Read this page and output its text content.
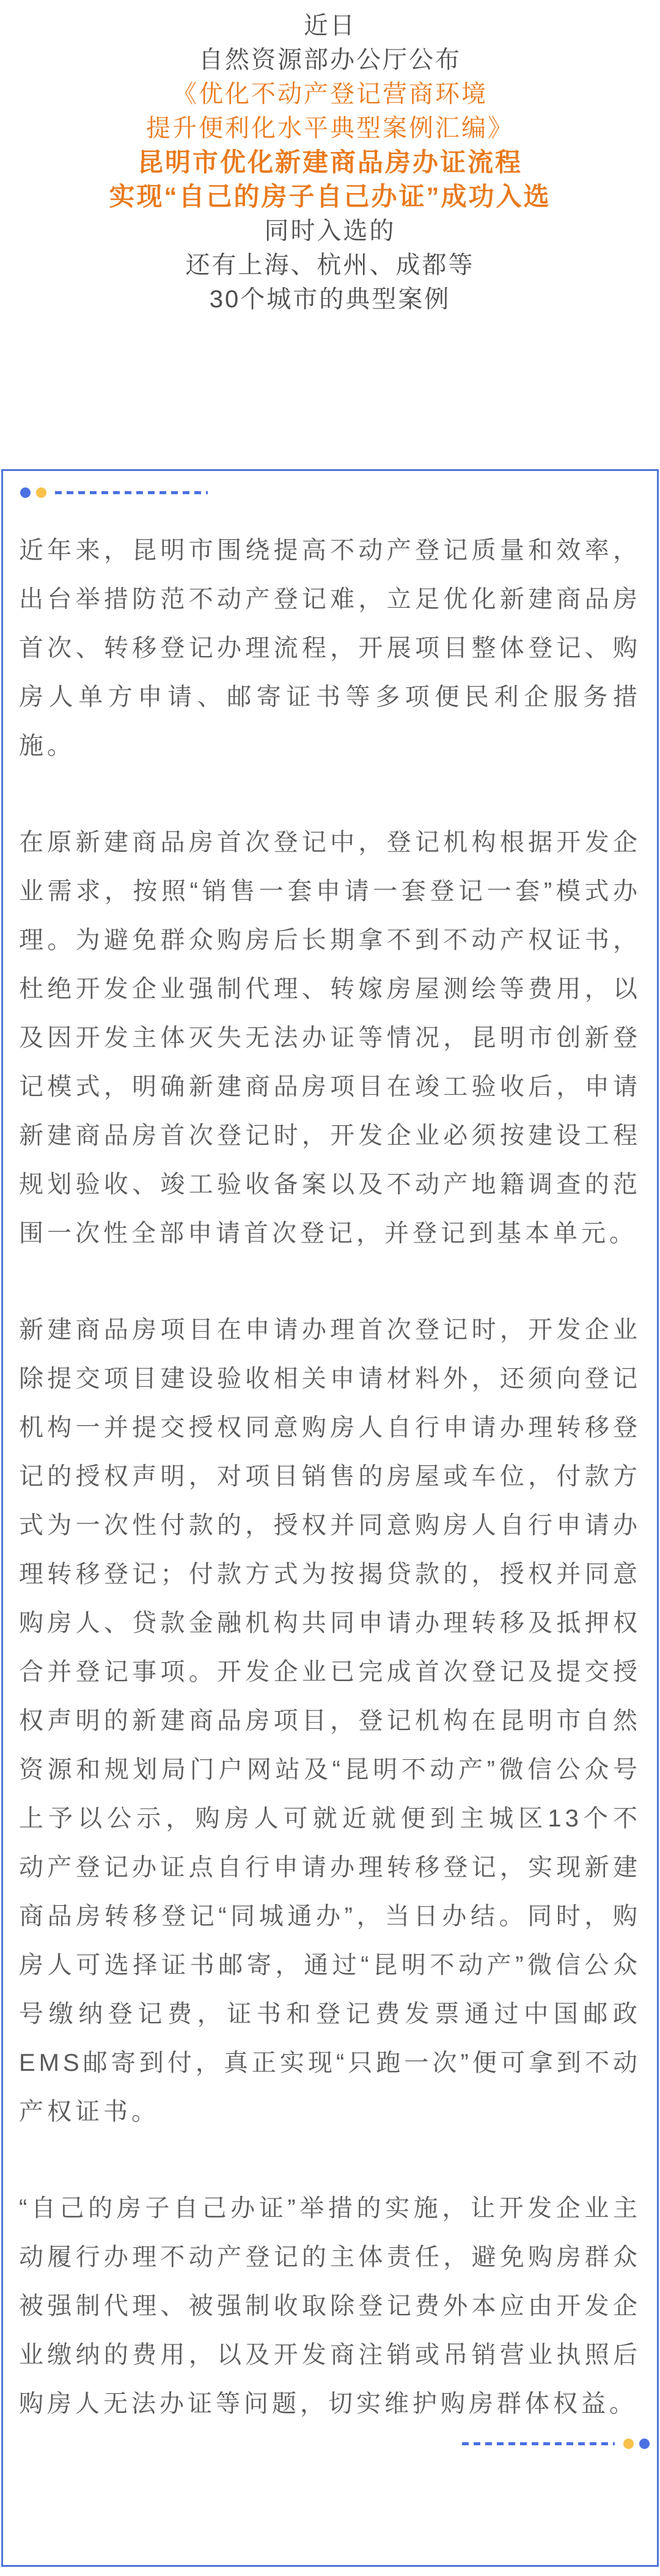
近日
自然资源部办公厅公布
《优化不动产登记营商环境
提升便利化水平典型案例汇编》
昆明市优化新建商品房办证流程
实现“自己的房子自己办证”成功入选
同时入选的
还有上海、杭州、成都等
30个城市的典型案例

近年来，昆明市围绕提高不动产登记质量和效率，出台举措防范不动产登记难，立足优化新建商品房首次、转移登记办理流程，开展项目整体登记、购房人单方申请、邮寄证书等多项便民利企服务措施。

在原新建商品房首次登记中，登记机构根据开发企业需求，按照“销售一套申请一套登记一套”模式办理。为避免群众购房后长期拿不到不动产权证书，杜绝开发企业强制代理、转嫁房屋测绘等费用，以及因开发主体灭失无法办证等情况，昆明市创新登记模式，明确新建商品房项目在竣工验收后，申请新建商品房首次登记时，开发企业必须按建设工程规划验收、竣工验收备案以及不动产地籍调查的范围一次性全部申请首次登记，并登记到基本单元。

新建商品房项目在申请办理首次登记时，开发企业除提交项目建设验收相关申请材料外，还须向登记机构一并提交授权同意购房人自行申请办理转移登记的授权声明，对项目销售的房屋或车位，付款方式为一次性付款的，授权并同意购房人自行申请办理转移登记；付款方式为按揭贷款的，授权并同意购房人、贷款金融机构共同申请办理转移及抵押权合并登记事项。开发企业已完成首次登记及提交授权声明的新建商品房项目，登记机构在昆明市自然资源和规划局门户网站及“昆明不动产”微信公众号上予以公示，购房人可就近就便到主城区13个不动产登记办证点自行申请办理转移登记，实现新建商品房转移登记“同城通办”，当日办结。同时，购房人可选择证书邮寄，通过“昆明不动产”微信公众号缴纳登记费，证书和登记费发票通过中国邮政EMS邮寄到付，真正实现“只跑一次”便可拿到不动产权证书。

“自己的房子自己办证”举措的实施，让开发企业主动履行办理不动产登记的主体责任，避免购房群众被强制代理、被强制收取除登记费外本应由开发企业缴纳的费用，以及开发商注销或吊销营业执照后购房人无法办证等问题，切实维护购房群体权益。
